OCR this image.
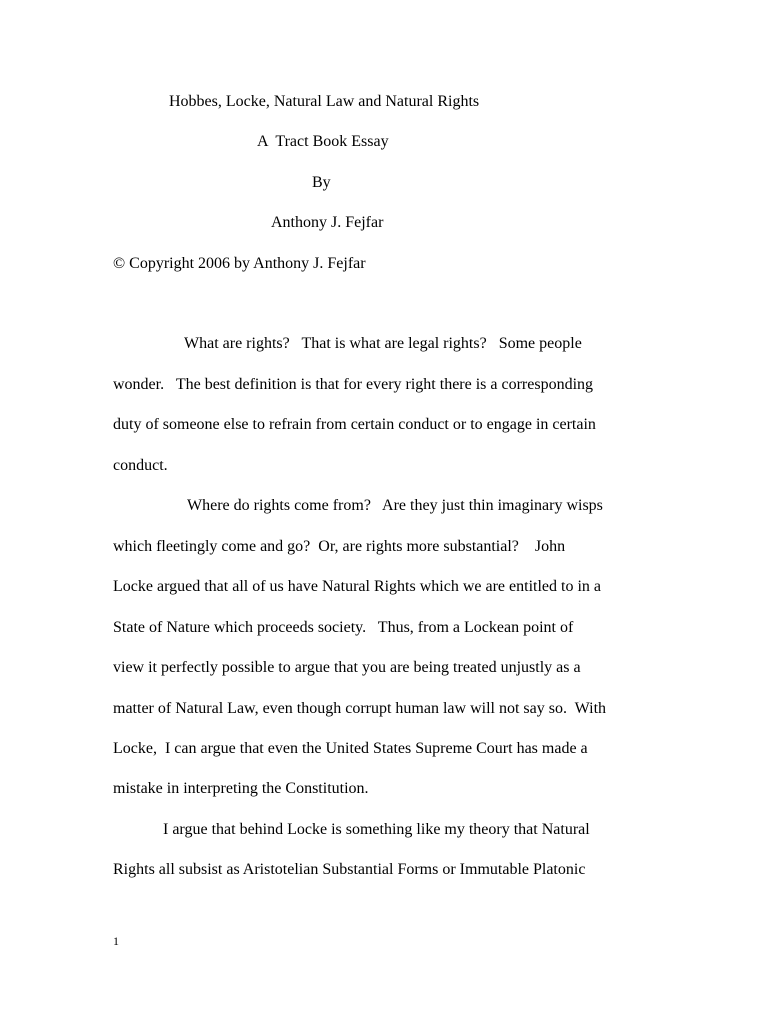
Hobbes, Locke, Natural Law and Natural Rights
A  Tract Book Essay
By
Anthony J. Fejfar
© Copyright 2006 by Anthony J. Fejfar
What are rights?   That is what are legal rights?   Some people
wonder.   The best definition is that for every right there is a corresponding
duty of someone else to refrain from certain conduct or to engage in certain
conduct.
Where do rights come from?   Are they just thin imaginary wisps
which fleetingly come and go?  Or, are rights more substantial?    John
Locke argued that all of us have Natural Rights which we are entitled to in a
State of Nature which proceeds society.   Thus, from a Lockean point of
view it perfectly possible to argue that you are being treated unjustly as a
matter of Natural Law, even though corrupt human law will not say so.  With
Locke,  I can argue that even the United States Supreme Court has made a
mistake in interpreting the Constitution.
I argue that behind Locke is something like my theory that Natural
Rights all subsist as Aristotelian Substantial Forms or Immutable Platonic
1
